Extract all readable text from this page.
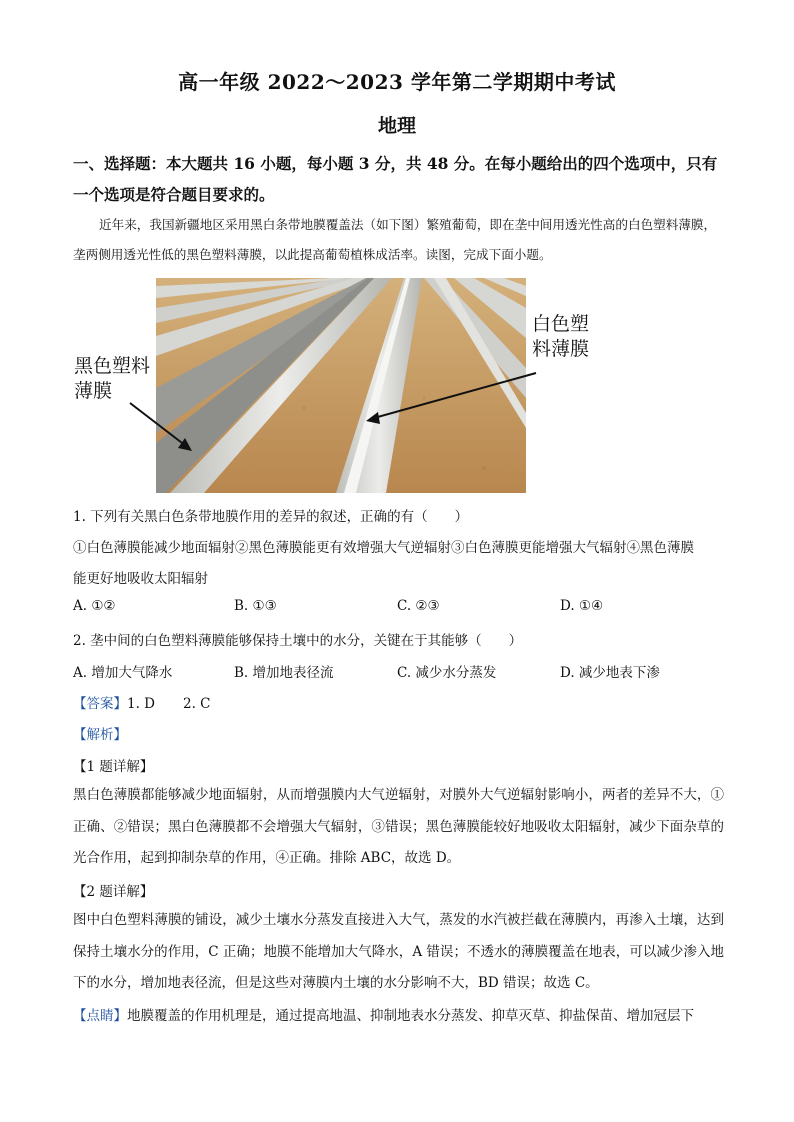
高一年级 2022～2023 学年第二学期期中考试
地理
一、选择题：本大题共 16 小题，每小题 3 分，共 48 分。在每小题给出的四个选项中，只有一个选项是符合题目要求的。
近年来，我国新疆地区采用黑白条带地膜覆盖法（如下图）繁殖葡萄，即在垄中间用透光性高的白色塑料薄膜，垄两侧用透光性低的黑色塑料薄膜，以此提高葡萄植株成活率。读图，完成下面小题。
黑色塑料薄膜
白色塑料薄膜
1. 下列有关黑白色条带地膜作用的差异的叙述，正确的有（　　）
①白色薄膜能减少地面辐射②黑色薄膜能更有效增强大气逆辐射③白色薄膜更能增强大气辐射④黑色薄膜
能更好地吸收太阳辐射
A. ①②	B. ①③	C. ②③	D. ①④
2. 垄中间的白色塑料薄膜能够保持土壤中的水分，关键在于其能够（　　）
A. 增加大气降水	B. 增加地表径流	C. 减少水分蒸发	D. 减少地表下渗
【答案】1. D 2. C
【解析】
【1 题详解】
黑白色薄膜都能够减少地面辐射，从而增强膜内大气逆辐射，对膜外大气逆辐射影响小，两者的差异不大，①正确、②错误；黑白色薄膜都不会增强大气辐射，③错误；黑色薄膜能较好地吸收太阳辐射，减少下面杂草的光合作用，起到抑制杂草的作用，④正确。排除 ABC，故选 D。
【2 题详解】
图中白色塑料薄膜的铺设，减少土壤水分蒸发直接进入大气，蒸发的水汽被拦截在薄膜内，再渗入土壤，达到保持土壤水分的作用，C 正确；地膜不能增加大气降水，A 错误；不透水的薄膜覆盖在地表，可以减少渗入地下的水分，增加地表径流，但是这些对薄膜内土壤的水分影响不大，BD 错误；故选 C。
【点睛】地膜覆盖的作用机理是，通过提高地温、抑制地表水分蒸发、抑草灭草、抑盐保苗、增加冠层下
